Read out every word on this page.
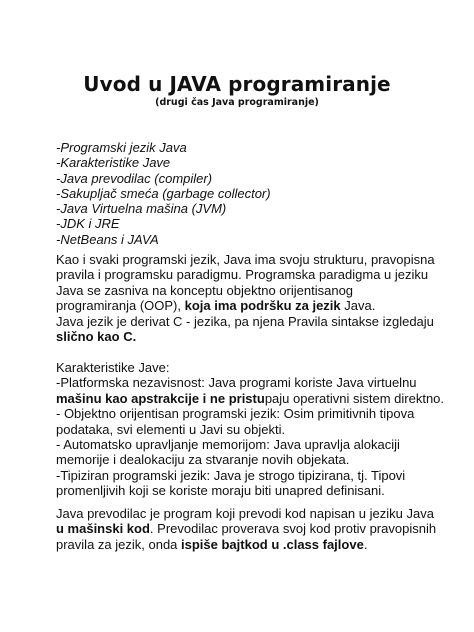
Uvod u JAVA programiranje
(drugi čas Java programiranje)
-Programski jezik Java
-Karakteristike Jave
-Java prevodilac (compiler)
-Sakupljač smeća (garbage collector)
-Java Virtuelna mašina (JVM)
-JDK i JRE
-NetBeans i JAVA

Kao i svaki programski jezik, Java ima svoju strukturu, pravopisna
pravila i programsku paradigmu. Programska paradigma u jeziku
Java se zasniva na konceptu objektno orijentisanog
programiranja (OOP), koja ima podršku za jezik Java.
Java jezik je derivat C - jezika, pa njena Pravila sintakse izgledaju
slično kao C.

Karakteristike Jave:
-Platformska nezavisnost: Java programi koriste Java virtuelnu
mašinu kao apstrakcije i ne pristupaju operativni sistem direktno.
- Objektno orijentisan programski jezik: Osim primitivnih tipova
podataka, svi elementi u Javi su objekti.
- Automatsko upravljanje memorijom: Java upravlja alokaciji
memorije i dealokaciju za stvaranje novih objekata.
-Tipiziran programski jezik: Java je strogo tipizirana, tj. Tipovi
promenljivih koji se koriste moraju biti unapred definisani.

Java prevodilac je program koji prevodi kod napisan u jeziku Java
u mašinski kod. Prevodilac proverava svoj kod protiv pravopisnih
pravila za jezik, onda ispiše bajtkod u .class fajlove.
